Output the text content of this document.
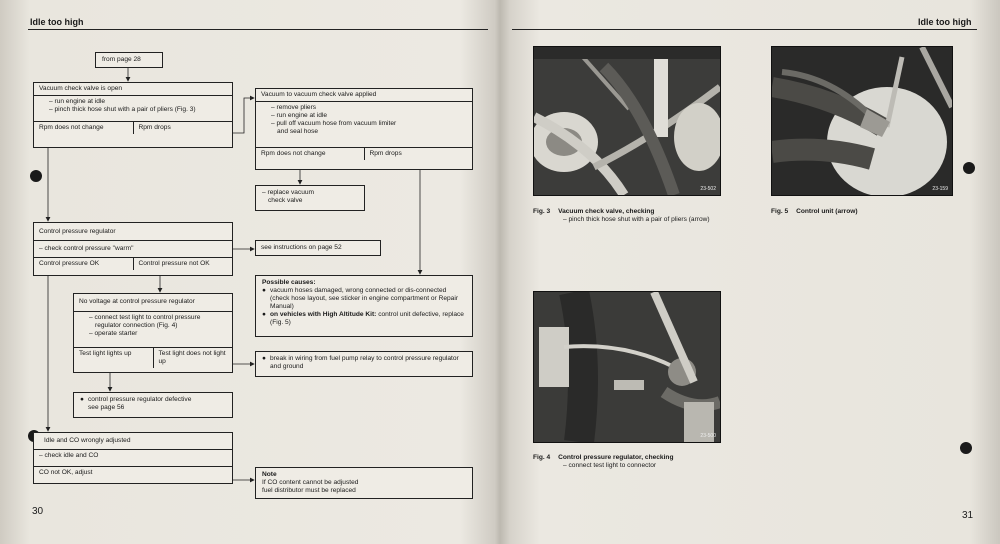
Idle too high
30
from page 28
Vacuum check valve is open
– run engine at idle
– pinch thick hose shut with a pair of pliers (Fig. 3)
Rpm does not change	Rpm drops
Vacuum to vacuum check valve applied
– remove pliers
– run engine at idle
– pull off vacuum hose from vacuum limiter
and seal hose
Rpm does not change	Rpm drops
– replace vacuum
check valve
Control pressure regulator
– check control pressure "warm"
Control pressure OK	Control pressure not OK
see instructions on page 52
Possible causes:
● vacuum hoses damaged, wrong connected or dis-connected (check hose layout, see sticker in engine compartment or Repair Manual)
● on vehicles with High Altitude Kit: control unit defective, replace (Fig. 5)
No voltage at control pressure regulator
– connect test light to control pressure
regulator connection (Fig. 4)
– operate starter
Test light lights up	Test light does not light up	● break in wiring from fuel pump relay to control pressure regulator and ground
● control pressure regulator defective
see page 56
Idle and CO wrongly adjusted
– check idle and CO
CO not OK, adjust	Note
If CO content cannot be adjusted
fuel distributor must be replaced
Idle too high
31
23-502	23-159
23-500
Fig. 3 Vacuum check valve, checking
– pinch thick hose shut with a pair of pliers (arrow)
Fig. 5 Control unit (arrow)
Fig. 4 Control pressure regulator, checking
– connect test light to connector
